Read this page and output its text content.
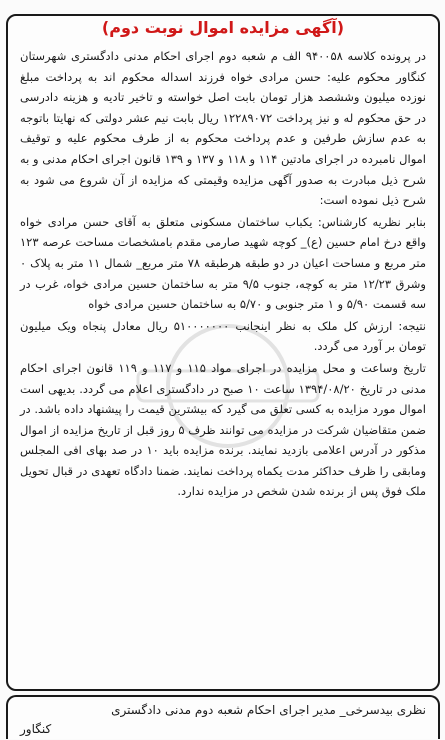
(آگهی مزایده اموال نوبت دوم)

در پرونده کلاسه ۹۴۰۰۵۸ الف م شعبه دوم اجرای احکام مدنی دادگستری شهرستان کنگاور محکوم علیه: حسن مرادی خواه فرزند اسداله محکوم اند به پرداخت مبلغ نوزده میلیون وششصد هزار تومان بابت اصل خواسته و تاخیر تادیه و هزینه دادرسی در حق محکوم له و نیز پرداخت ۱۲۲۸۹۰۷۲ ریال بابت نیم عشر دولتی که نهایتا باتوجه به عدم سازش طرفین و عدم پرداخت محکوم به از طرف محکوم علیه و توقیف اموال نامبرده در اجرای مادتین ۱۱۴ و ۱۱۸ و ۱۳۷ و ۱۳۹ قانون اجرای احکام مدنی و به شرح ذیل مبادرت به صدور آگهی مزایده وقیمتی که مزایده از آن شروع می شود به شرح ذیل نموده است:

بنابر نظریه کارشناس: یکباب ساختمان مسکونی متعلق به آقای حسن مرادی خواه واقع درخ امام حسین (ع)_ کوچه شهید صارمی مقدم بامشخصات مساحت عرصه ۱۲۳ متر مربع و مساحت اعیان در دو طبقه هرطبقه ۷۸ متر مربع_ شمال ۱۱ متر به پلاک ۰ وشرق ۱۲/۲۳ متر به کوچه، جنوب ۹/۵ متر به ساختمان حسین مرادی خواه، غرب در سه قسمت ۵/۹۰ و ۱ متر جنوبی و ۵/۷۰ به ساختمان حسین مرادی خواه

نتیجه: ارزش کل ملک به نظر اینجانب ۵۱۰۰۰۰۰۰۰ ریال معادل پنجاه ویک میلیون تومان بر آورد می گردد.

تاریخ وساعت و محل مزایده در اجرای مواد ۱۱۵ و ۱۱۷ و ۱۱۹ قانون اجرای احکام مدنی در تاریخ ۱۳۹۴/۰۸/۲۰ ساعت ۱۰ صبح در دادگستری اعلام می گردد. بدیهی است اموال مورد مزایده به کسی تعلق می گیرد که بیشترین قیمت را پیشنهاد داده باشد. در ضمن متقاضیان شرکت در مزایده می توانند ظرف ۵ روز قبل از تاریخ مزایده از اموال مذکور در آدرس اعلامی بازدید نمایند. برنده مزایده باید ۱۰ در صد بهای افی المجلس ومابقی را ظرف حداکثر مدت یکماه پرداخت نمایند. ضمنا دادگاه تعهدی در قبال تحویل ملک فوق پس از برنده شدن شخص در مزایده ندارد.

نظری بیدسرخی_ مدیر اجرای احکام شعبه دوم مدنی دادگستری
کنگاور
